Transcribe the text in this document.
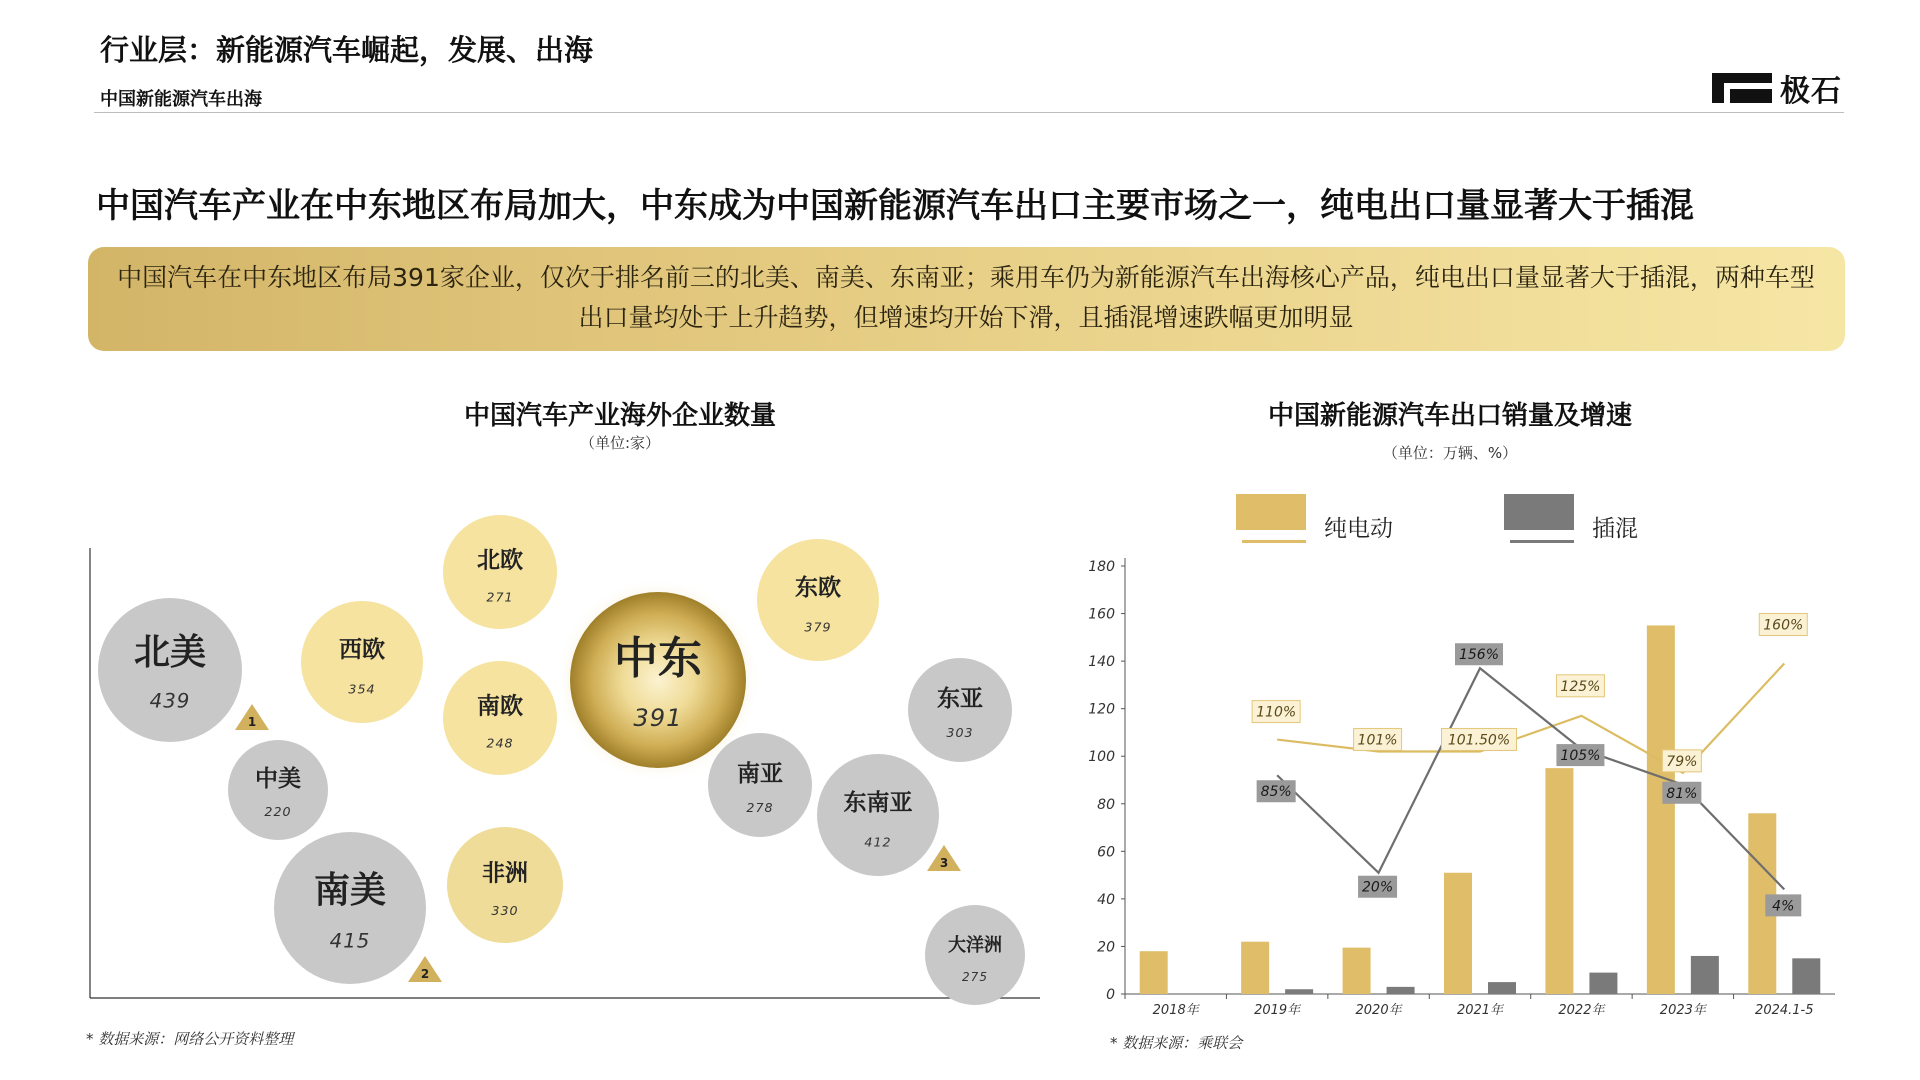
行业层：新能源汽车崛起，发展、出海
中国新能源汽车出海	极石
中国汽车产业在中东地区布局加大，中东成为中国新能源汽车出口主要市场之一，纯电出口量显著大于插混
中国汽车在中东地区布局391家企业，仅次于排名前三的北美、南美、东南亚；乘用车仍为新能源汽车出海核心产品，纯电出口量显著大于插混，两种车型出口量均处于上升趋势，但增速均开始下滑，且插混增速跌幅更加明显
中国汽车产业海外企业数量
（单位:家）
中国新能源汽车出口销量及增速
（单位：万辆、%）
北美
439
1
南美
415
2
东南亚
412
3
中东
391
东欧
379
西欧
354
非洲
330
东亚
303
南亚
278
大洋洲
275
北欧
271
南欧
248
中美
220
纯电动	插混
0
20
40
60
80
100
120
140
160
180
2018年	2019年	2020年	2021年	2022年	2023年	2024.1-5
110%
101%	101.50%
125%
79%
160%
85%
20%
156%
105%
81%
4%
* 数据来源：网络公开资料整理	* 数据来源：乘联会
